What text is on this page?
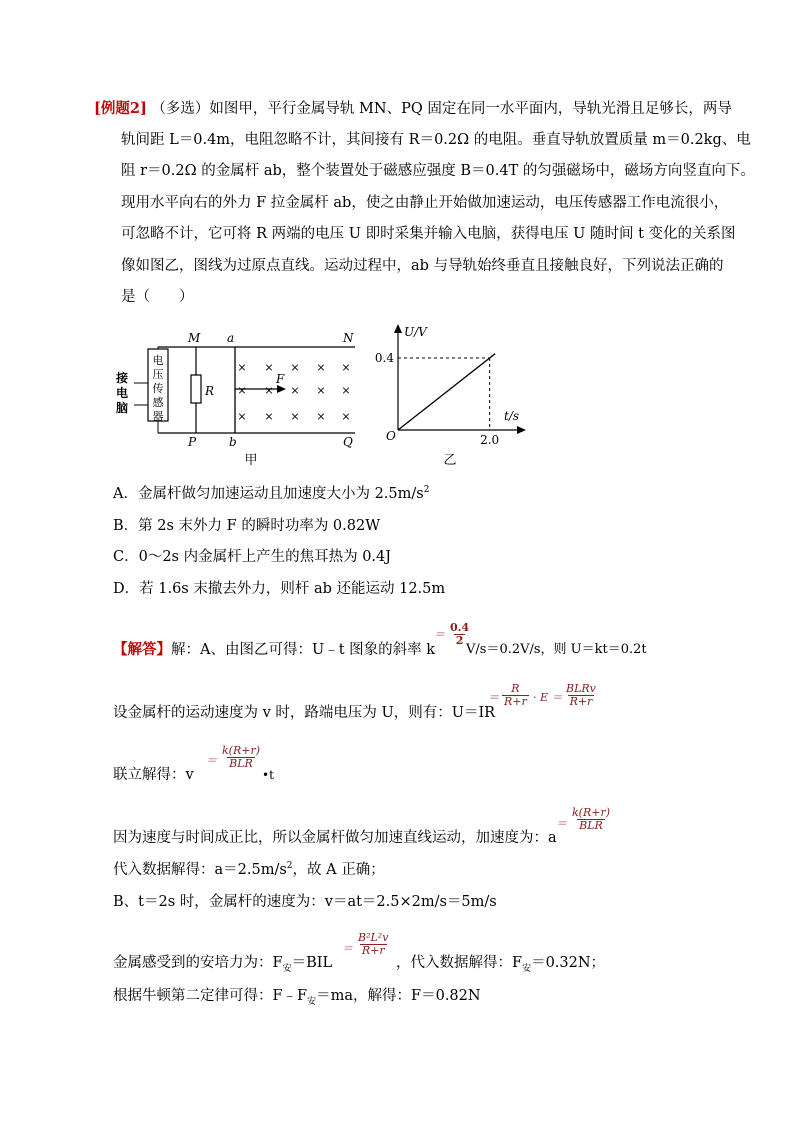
[例题2] （多选）如图甲，平行金属导轨 MN、PQ 固定在同一水平面内，导轨光滑且足够长，两导
轨间距 L＝0.4m，电阻忽略不计，其间接有 R＝0.2Ω 的电阻。垂直导轨放置质量 m＝0.2kg、电
阻 r＝0.2Ω 的金属杆 ab，整个装置处于磁感应强度 B＝0.4T 的匀强磁场中，磁场方向竖直向下。
现用水平向右的外力 F 拉金属杆 ab，使之由静止开始做加速运动，电压传感器工作电流很小，
可忽略不计，它可将 R 两端的电压 U 即时采集并输入电脑，获得电压 U 随时间 t 变化的关系图
像如图乙，图线为过原点直线。运动过程中，ab 与导轨始终垂直且接触良好，下列说法正确的
是（　　）
接
电
脑
电
压
传
感
器
R
× × × × ×
× × × × ×
× × × × ×
F
M a	N
P	b	Q
甲
U/V
t/s
O
0.4
2.0
乙
A．金属杆做匀加速运动且加速度大小为 $2.5m/s^2$
B．第 2s 末外力 F 的瞬时功率为 0.82W
C．0～2s 内金属杆上产生的焦耳热为 0.4J
D．若 1.6s 末撤去外力，则杆 ab 还能运动 12.5m
【解答】解：A、由图乙可得：U﹣t 图象的斜率 k
＝ $\frac{0.4}{2}$
V/s＝0.2V/s，则 U＝kt＝0.2t
设金属杆的运动速度为 v 时，路端电压为 U，则有：U＝IR
＝ $\frac{R}{R+r} \cdot E$ ＝
BLRv
R+r
联立解得：v
＝
k(R+r)
BLR
•t
因为速度与时间成正比，所以金属杆做匀加速直线运动，加速度为：a
＝
k(R+r)
BLR
代入数据解得：$a=2.5m/s^2$，故 A 正确；
B、t＝2s 时，金属杆的速度为：v＝at＝2.5×2m/s＝5m/s
金属感受到的安培力为：$F_安=BIL$
＝ $\frac{\text{B²L²v}}{R+r}$
，代入数据解得：$F_安=0.32N$；
根据牛顿第二定律可得：$F﹣F_安=ma$，解得：F＝0.82N
